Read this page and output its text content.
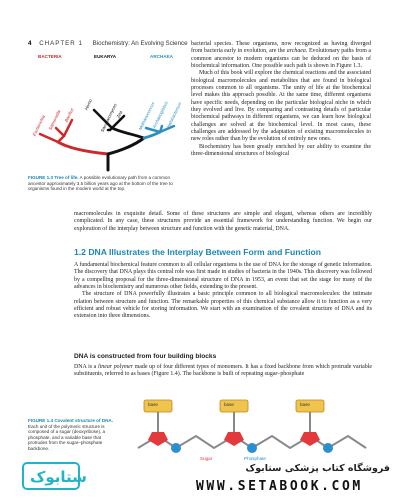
4 CHAPTER 1 Biochemistry: An Evolving Science
BACTERIA	EUKARYA	ARCHAEA
Escherichia Salmonella Bacillus
Homo Saccharomyces
Zea	Methanococcus
Archaeoglobus
Halobacterium
FIGURE 1.3 Tree of life. A possible evolutionary path from a common ancestor approximately 3.5 billion years ago at the bottom of the tree to organisms found in the modern world at the top.

bacterial species. These organisms, now recognized as having diverged from bacteria early in evolution, are the archaea. Evolutionary paths from a common ancestor to modern organisms can be deduced on the basis of biochemical information. One possible such path is shown in Figure 1.3.

Much of this book will explore the chemical reactions and the associated biological macromolecules and metabolites that are found in biological processes common to all organisms. The unity of life at the biochemical level makes this approach possible. At the same time, different organisms have specific needs, depending on the particular biological niche in which they evolved and live. By comparing and contrasting details of particular biochemical pathways in different organisms, we can learn how biological challenges are solved at the biochemical level. In most cases, these challenges are addressed by the adaptation of existing macromolecules to new roles rather than by the evolution of entirely new ones.

Biochemistry has been greatly enriched by our ability to examine the three-dimensional structures of biological

macromolecules in exquisite detail. Some of these structures are simple and elegant, whereas others are incredibly complicated. In any case, these structures provide an essential framework for understanding function. We begin our exploration of the interplay between structure and function with the genetic material, DNA.

1.2 DNA Illustrates the Interplay Between Form and Function

A fundamental biochemical feature common to all cellular organisms is the use of DNA for the storage of genetic information. The discovery that DNA plays this central role was first made in studies of bacteria in the 1940s. This discovery was followed by a compelling proposal for the three-dimensional structure of DNA in 1953, an event that set the stage for many of the advances in biochemistry and numerous other fields, extending to the present.

The structure of DNA powerfully illustrates a basic principle common to all biological macromolecules: the intimate relation between structure and function. The remarkable properties of this chemical substance allow it to function as a very efficient and robust vehicle for storing information. We start with an examination of the covalent structure of DNA and its extension into three dimensions.

DNA is constructed from four building blocks

DNA is a linear polymer made up of four different types of monomers. It has a fixed backbone from which protrude variable substituents, referred to as bases (Figure 1.4). The backbone is built of repeating sugar–phosphate

FIGURE 1.4 Covalent structure of DNA. Each unit of the polymeric structure is composed of a sugar (deoxyribose), a phosphate, and a variable base that protrudes from the sugar–phosphate backbone.
base	base	base
Sugar	Phosphate
ستابوک	فروشگاه کتاب پزشکی ستابوک
WWW.SETABOOK.COM
